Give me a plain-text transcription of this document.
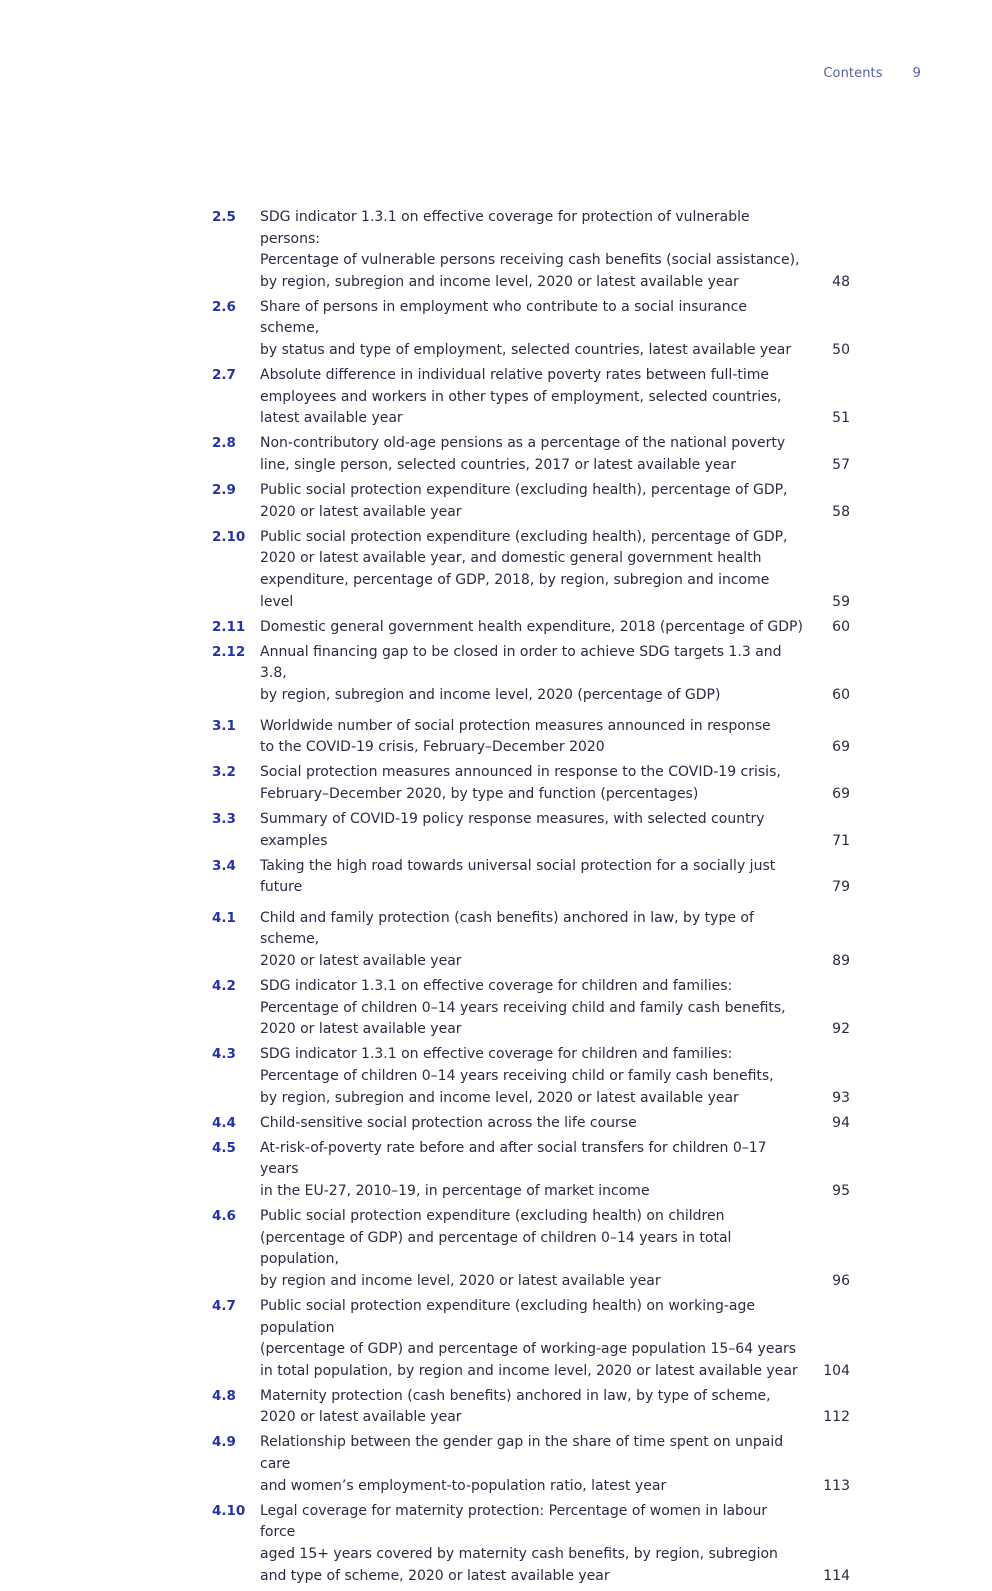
Contents 9
2.5	SDG indicator 1.3.1 on effective coverage for protection of vulnerable persons:
Percentage of vulnerable persons receiving cash benefits (social assistance),
by region, subregion and income level, 2020 or latest available year	48
2.6	Share of persons in employment who contribute to a social insurance scheme,
by status and type of employment, selected countries, latest available year	50
2.7	Absolute difference in individual relative poverty rates between full-time
employees and workers in other types of employment, selected countries,
latest available year	51
2.8	Non-contributory old-age pensions as a percentage of the national poverty
line, single person, selected countries, 2017 or latest available year	57
2.9	Public social protection expenditure (excluding health), percentage of GDP,
2020 or latest available year	58
2.10	Public social protection expenditure (excluding health), percentage of GDP,
2020 or latest available year, and domestic general government health
expenditure, percentage of GDP, 2018, by region, subregion and income level	59
2.11	Domestic general government health expenditure, 2018 (percentage of GDP)	60
2.12	Annual financing gap to be closed in order to achieve SDG targets 1.3 and 3.8,
by region, subregion and income level, 2020 (percentage of GDP)	60
3.1	Worldwide number of social protection measures announced in response
to the COVID-19 crisis, February–December 2020	69
3.2	Social protection measures announced in response to the COVID-19 crisis,
February–December 2020, by type and function (percentages)	69
3.3	Summary of COVID-19 policy response measures, with selected country examples	71
3.4	Taking the high road towards universal social protection for a socially just future	79
4.1	Child and family protection (cash benefits) anchored in law, by type of scheme,
2020 or latest available year	89
4.2	SDG indicator 1.3.1 on effective coverage for children and families:
Percentage of children 0–14 years receiving child and family cash benefits,
2020 or latest available year	92
4.3	SDG indicator 1.3.1 on effective coverage for children and families:
Percentage of children 0–14 years receiving child or family cash benefits,
by region, subregion and income level, 2020 or latest available year	93
4.4	Child-sensitive social protection across the life course	94
4.5	At-risk-of-poverty rate before and after social transfers for children 0–17 years
in the EU-27, 2010–19, in percentage of market income	95
4.6	Public social protection expenditure (excluding health) on children
(percentage of GDP) and percentage of children 0–14 years in total population,
by region and income level, 2020 or latest available year	96
4.7	Public social protection expenditure (excluding health) on working-age population
(percentage of GDP) and percentage of working-age population 15–64 years
in total population, by region and income level, 2020 or latest available year	104
4.8	Maternity protection (cash benefits) anchored in law, by type of scheme,
2020 or latest available year	112
4.9	Relationship between the gender gap in the share of time spent on unpaid care
and women’s employment-to-population ratio, latest year	113
4.10	Legal coverage for maternity protection: Percentage of women in labour force
aged 15+ years covered by maternity cash benefits, by region, subregion
and type of scheme, 2020 or latest available year	114
